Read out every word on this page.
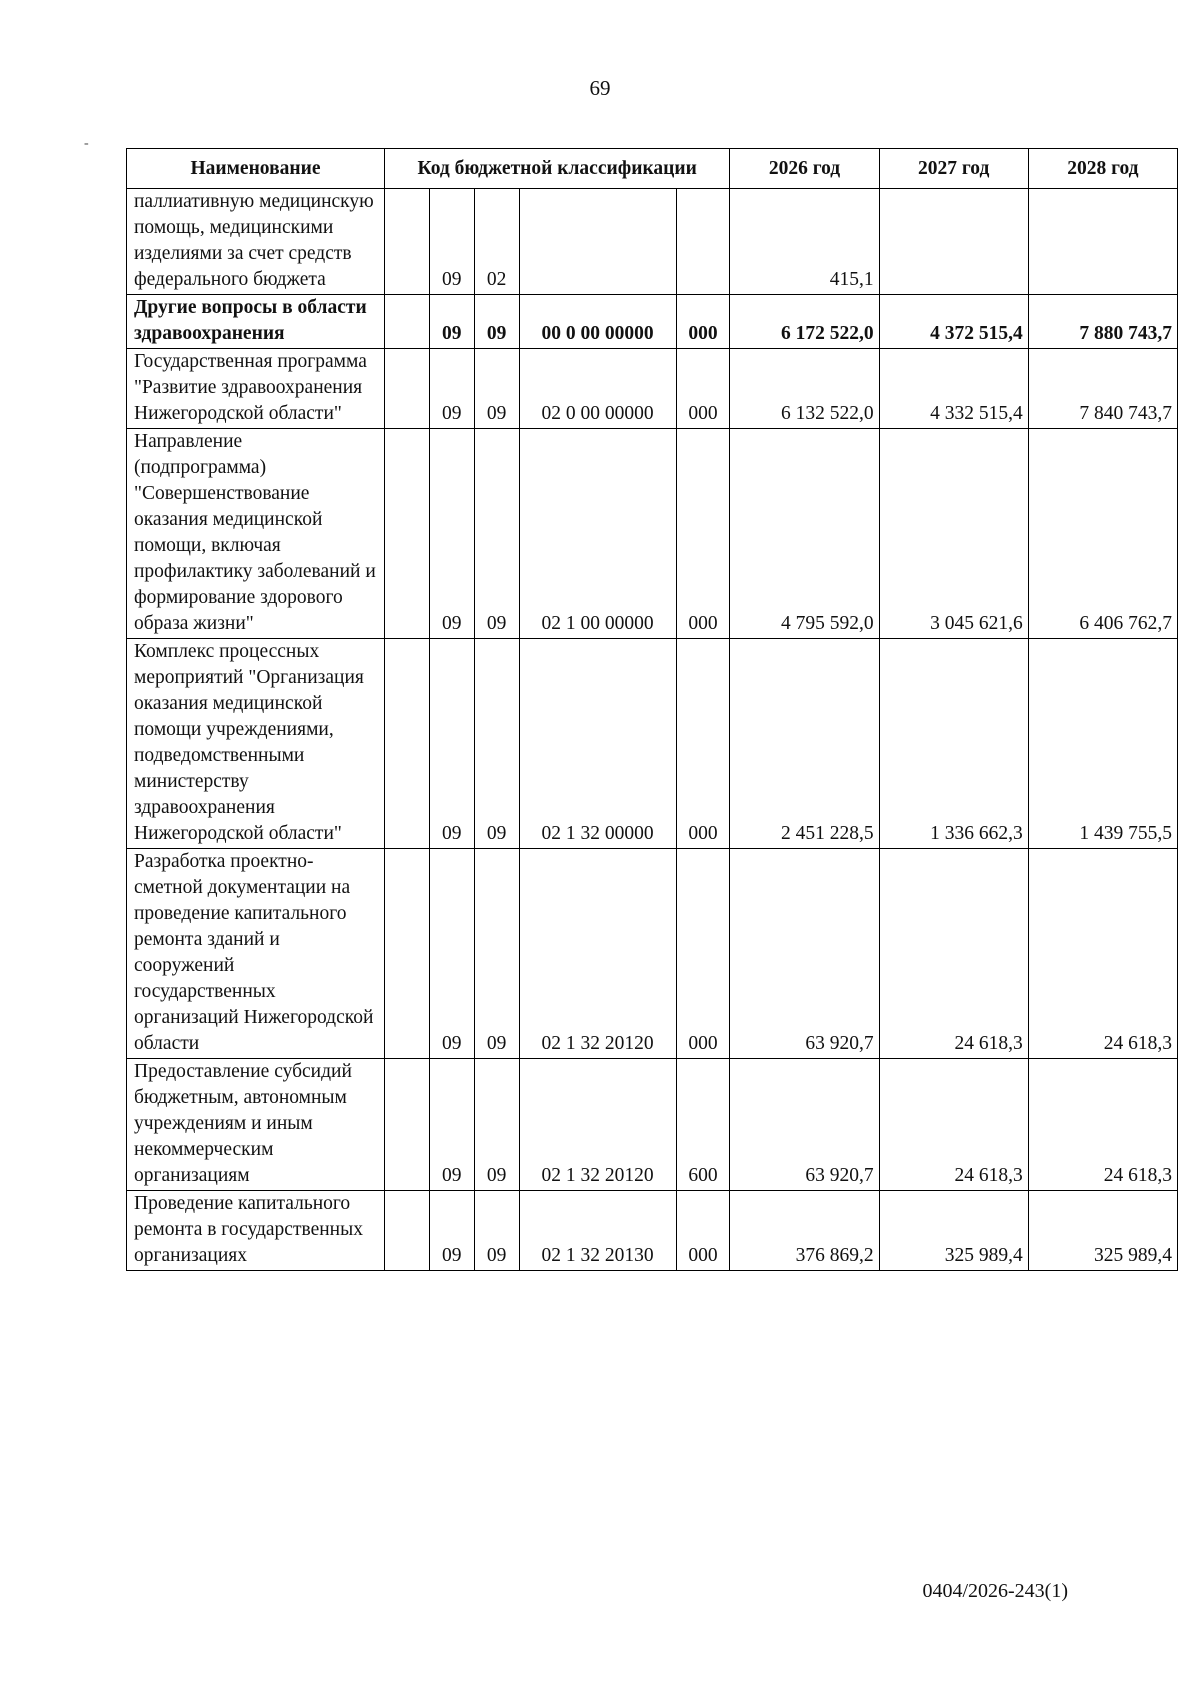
69
-
Наименование	Код бюджетной классификации					2026 год	2027 год	2028 год
паллиативную медицинскую помощь, медицинскими изделиями за счет средств федерального бюджета		09	02			415,1		
Другие вопросы в области здравоохранения		09	09	00 0 00 00000	000	6 172 522,0	4 372 515,4	7 880 743,7
Государственная программа "Развитие здравоохранения Нижегородской области"		09	09	02 0 00 00000	000	6 132 522,0	4 332 515,4	7 840 743,7
Направление (подпрограмма) "Совершенствование оказания медицинской помощи, включая профилактику заболеваний и формирование здорового образа жизни"		09	09	02 1 00 00000	000	4 795 592,0	3 045 621,6	6 406 762,7
Комплекс процессных мероприятий "Организация оказания медицинской помощи учреждениями, подведомственными министерству здравоохранения Нижегородской области"		09	09	02 1 32 00000	000	2 451 228,5	1 336 662,3	1 439 755,5
Разработка проектно-сметной документации на проведение капитального ремонта зданий и сооружений государственных организаций Нижегородской области		09	09	02 1 32 20120	000	63 920,7	24 618,3	24 618,3
Предоставление субсидий бюджетным, автономным учреждениям и иным некоммерческим организациям		09	09	02 1 32 20120	600	63 920,7	24 618,3	24 618,3
Проведение капитального ремонта в государственных организациях		09	09	02 1 32 20130	000	376 869,2	325 989,4	325 989,4
0404/2026-243(1)
